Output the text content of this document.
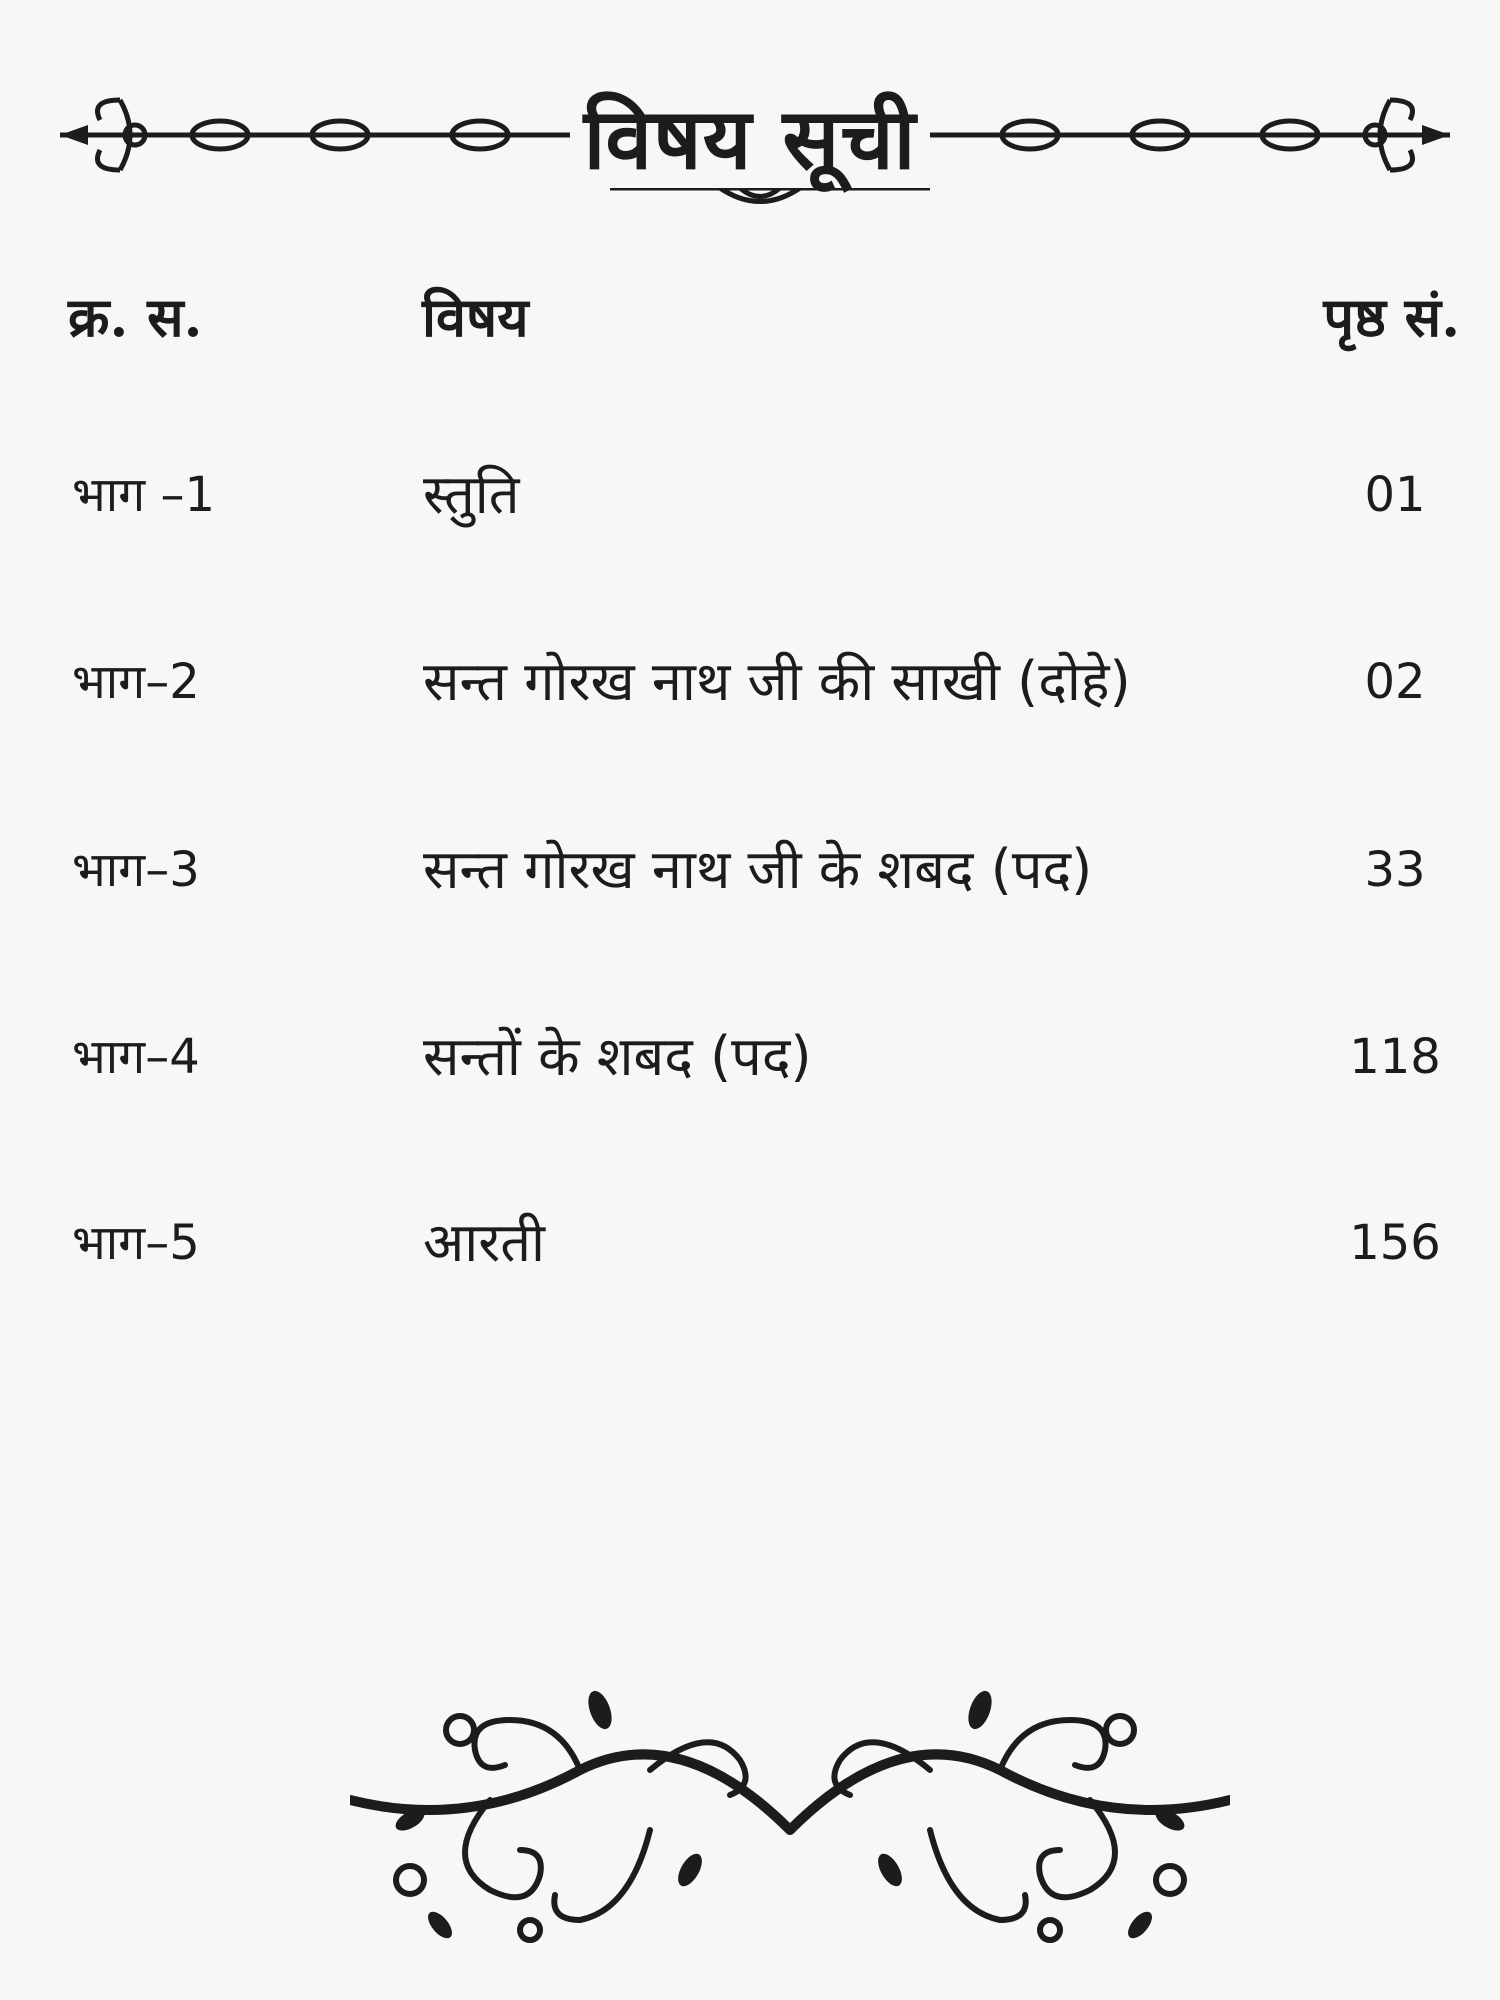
विषय सूची
क्र. स.	विषय	पृष्ठ सं.
भाग –1	स्तुति	01
भाग–2	सन्त गोरख नाथ जी की साखी (दोहे)	02
भाग–3	सन्त गोरख नाथ जी के शबद (पद)	33
भाग–4	सन्तों के शबद (पद)	118
भाग–5	आरती	156
